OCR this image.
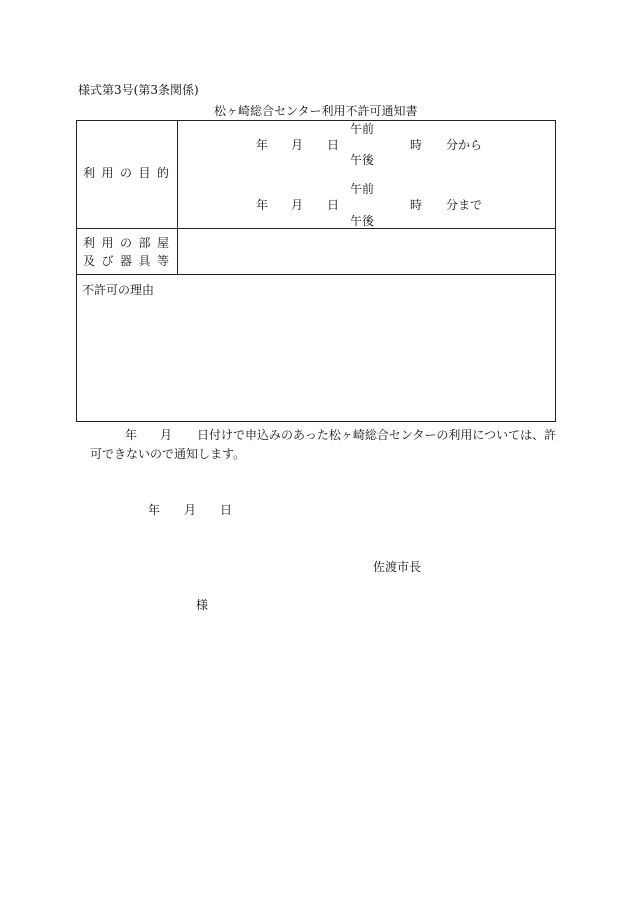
様式第3号(第3条関係)
松ヶ崎総合センター利用不許可通知書
利用の目的
午前
年 月 日	時 分から
午後
午前
年 月 日	時 分まで
午後
利用の部屋
及び器具等
不許可の理由
年 月 日付けで申込みのあった松ヶ崎総合センターの利用については、許
可できないので通知します。
年 月 日
佐渡市長
様
